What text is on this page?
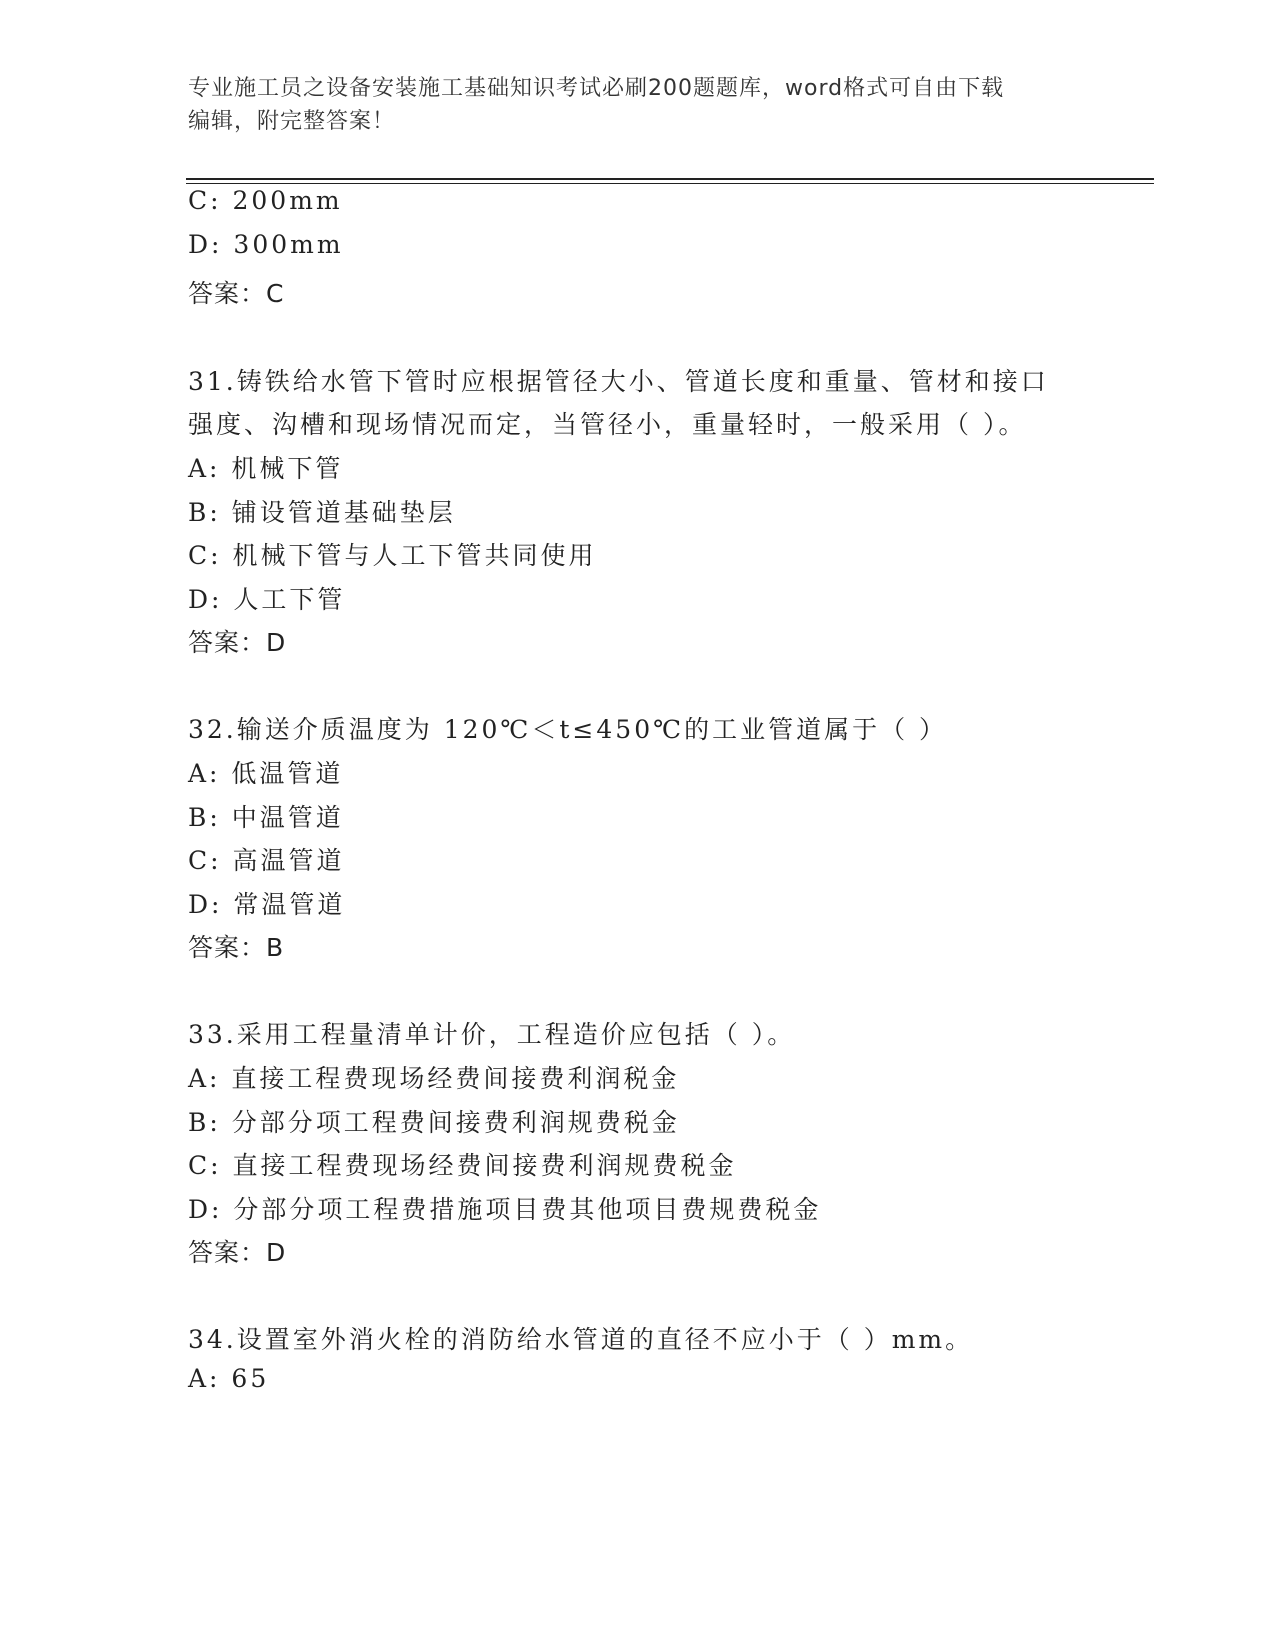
专业施工员之设备安装施工基础知识考试必刷200题题库，word格式可自由下载
编辑，附完整答案！
C: 200mm
D: 300mm
答案：C
31.铸铁给水管下管时应根据管径大小、管道长度和重量、管材和接口
强度、沟槽和现场情况而定，当管径小，重量轻时，一般采用（ ）。
A: 机械下管
B: 铺设管道基础垫层
C: 机械下管与人工下管共同使用
D: 人工下管
答案：D
32.输送介质温度为 120℃＜t≤450℃的工业管道属于（ ）
A: 低温管道
B: 中温管道
C: 高温管道
D: 常温管道
答案：B
33.采用工程量清单计价，工程造价应包括（ ）。
A: 直接工程费现场经费间接费利润税金
B: 分部分项工程费间接费利润规费税金
C: 直接工程费现场经费间接费利润规费税金
D: 分部分项工程费措施项目费其他项目费规费税金
答案：D
34.设置室外消火栓的消防给水管道的直径不应小于（ ）mm。
A: 65
